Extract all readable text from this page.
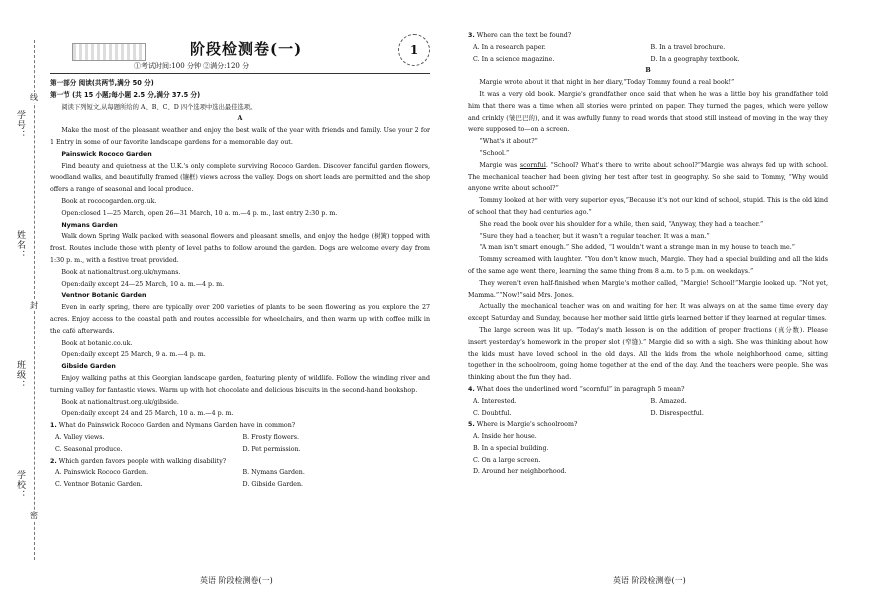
线
学号：
姓名：
封
班级：
学校：
密
阶段检测卷(一)
①考试时间:100 分钟 ②满分:120 分
1

第一部分 阅读(共两节,满分 50 分)

第一节 (共 15 小题;每小题 2.5 分,满分 37.5 分)

阅读下列短文,从每题所给的 A、B、C、D 四个选项中选出最佳选项。

A

Make the most of the pleasant weather and enjoy the best walk of the year with friends and family. Use your 2 for 1 Entry in some of our favorite landscape gardens for a memorable day out.

Painswick Rococo Garden

Find beauty and quietness at the U.K.'s only complete surviving Rococo Garden. Discover fanciful garden flowers, woodland walks, and beautifully framed (镶框) views across the valley. Dogs on short leads are permitted and the shop offers a range of seasonal and local produce.

Book at rococogarden.org.uk.

Open:closed 1—25 March, open 26—31 March, 10 a. m.—4 p. m., last entry 2:30 p. m.

Nymans Garden

Walk down Spring Walk packed with seasonal flowers and pleasant smells, and enjoy the hedge (树篱) topped with frost. Routes include those with plenty of level paths to follow around the garden. Dogs are welcome every day from 1:30 p. m., with a festive treat provided.

Book at nationaltrust.org.uk/nymans.

Open:daily except 24—25 March, 10 a. m.—4 p. m.

Ventnor Botanic Garden

Even in early spring, there are typically over 200 varieties of plants to be seen flowering as you explore the 27 acres. Enjoy access to the coastal path and routes accessible for wheelchairs, and then warm up with coffee milk in the café afterwards.

Book at botanic.co.uk.

Open:daily except 25 March, 9 a. m.—4 p. m.

Gibside Garden

Enjoy walking paths at this Georgian landscape garden, featuring plenty of wildlife. Follow the winding river and turning valley for fantastic views. Warm up with hot chocolate and delicious biscuits in the second-hand bookshop.

Book at nationaltrust.org.uk/gibside.

Open:daily except 24 and 25 March, 10 a. m.—4 p. m.

1. What do Painswick Rococo Garden and Nymans Garden have in common?

A. Valley views.	B. Frosty flowers.
C. Seasonal produce.	D. Pet permission.

2. Which garden favors people with walking disability?

A. Painswick Rococo Garden.	B. Nymans Garden.
C. Ventnor Botanic Garden.	D. Gibside Garden.
英语 阶段检测卷(一)

3. Where can the text be found?

A. In a research paper.	B. In a travel brochure.
C. In a science magazine.	D. In a geography textbook.

B

Margie wrote about it that night in her diary,“Today Tommy found a real book!”

It was a very old book. Margie's grandfather once said that when he was a little boy his grandfather told him that there was a time when all stories were printed on paper. They turned the pages, which were yellow and crinkly (皱巴巴的), and it was awfully funny to read words that stood still instead of moving in the way they were supposed to—on a screen.

“What's it about?”

“School.”

Margie was scornful. “School? What's there to write about school?”Margie was always fed up with school. The mechanical teacher had been giving her test after test in geography. So she said to Tommy, “Why would anyone write about school?”

Tommy looked at her with very superior eyes,“Because it's not our kind of school, stupid. This is the old kind of school that they had centuries ago.”

She read the book over his shoulder for a while, then said, “Anyway, they had a teacher.”

“Sure they had a teacher, but it wasn't a regular teacher. It was a man.”

“A man isn't smart enough.” She added, “I wouldn't want a strange man in my house to teach me.”

Tommy screamed with laughter. “You don't know much, Margie. They had a special building and all the kids of the same age went there, learning the same thing from 8 a.m. to 5 p.m. on weekdays.”

They weren't even half-finished when Margie's mother called, “Margie! School!”Margie looked up. “Not yet, Mamma.”“Now!”said Mrs. Jones.

Actually the mechanical teacher was on and waiting for her. It was always on at the same time every day except Saturday and Sunday, because her mother said little girls learned better if they learned at regular times.

The large screen was lit up. “Today's math lesson is on the addition of proper fractions (真分数). Please insert yesterday's homework in the proper slot (窄缝).” Margie did so with a sigh. She was thinking about how the kids must have loved school in the old days. All the kids from the whole neighborhood came, sitting together in the schoolroom, going home together at the end of the day. And the teachers were people. She was thinking about the fun they had.

4. What does the underlined word “scornful” in paragraph 5 mean?

A. Interested.	B. Amazed.
C. Doubtful.	D. Disrespectful.

5. Where is Margie's schoolroom?

A. Inside her house.

B. In a special building.

C. On a large screen.

D. Around her neighborhood.

英语 阶段检测卷(一)
